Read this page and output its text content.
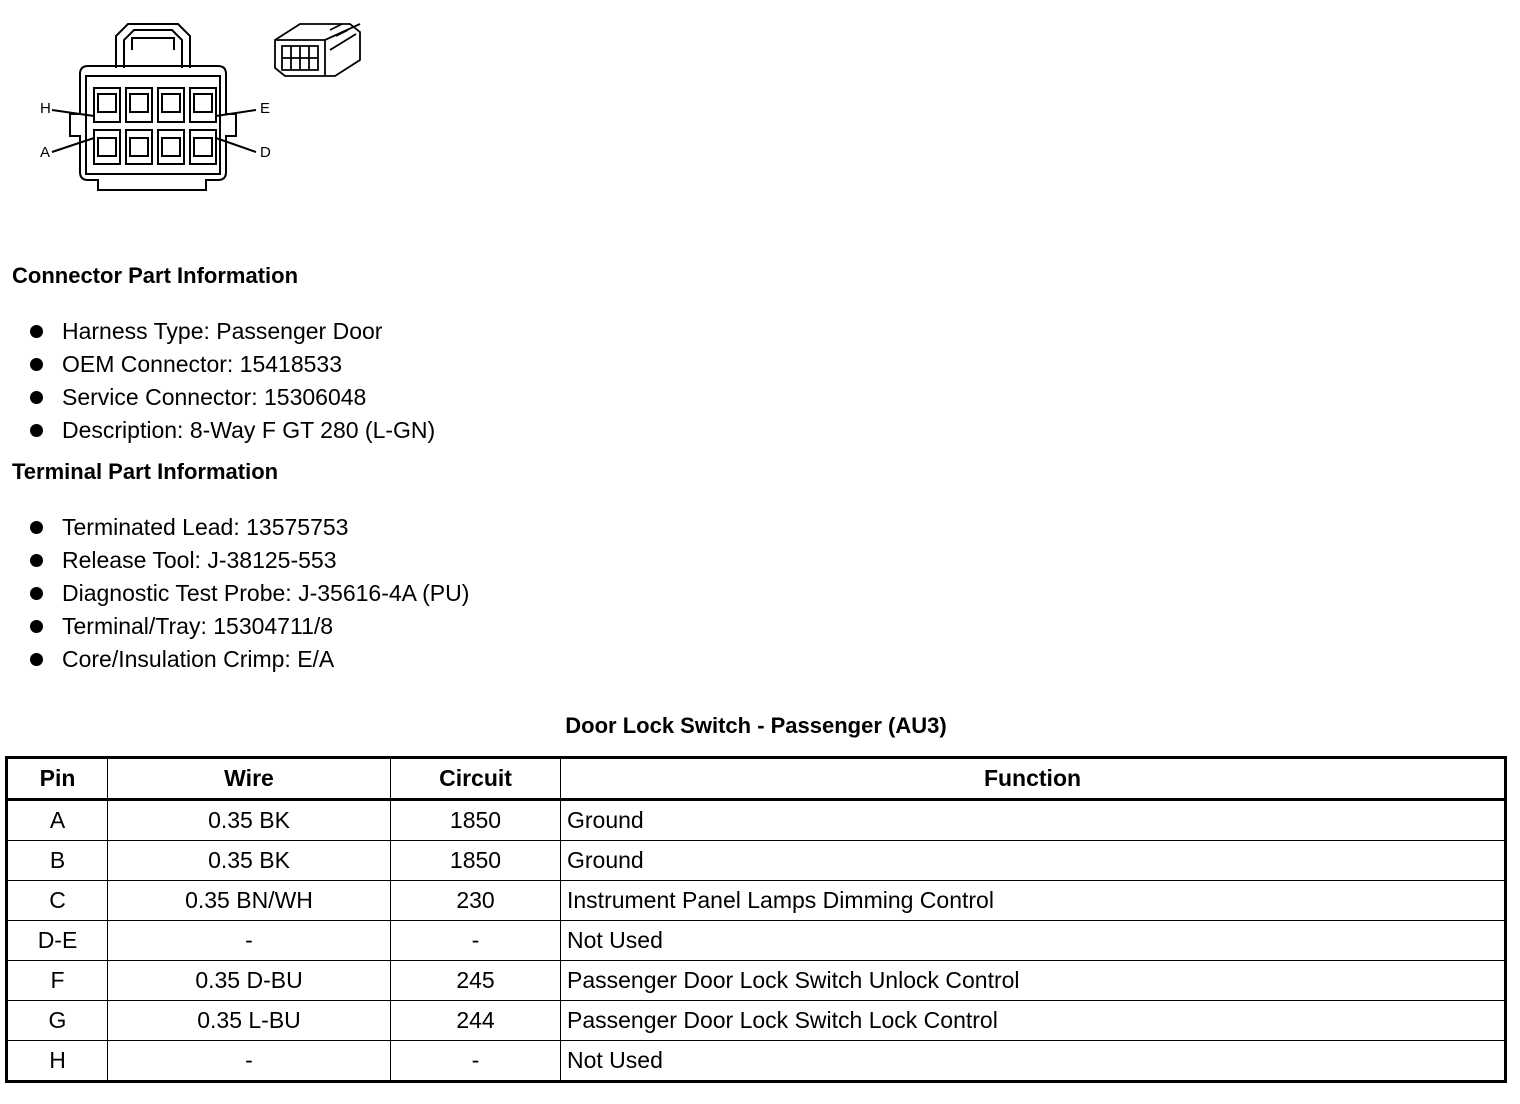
H	E
A	D
Connector Part Information
Harness Type: Passenger Door
OEM Connector: 15418533
Service Connector: 15306048
Description: 8-Way F GT 280 (L-GN)
Terminal Part Information
Terminated Lead: 13575753
Release Tool: J-38125-553
Diagnostic Test Probe: J-35616-4A (PU)
Terminal/Tray: 15304711/8
Core/Insulation Crimp: E/A
Door Lock Switch - Passenger (AU3)
Pin	Wire	Circuit	Function
A	0.35 BK	1850	Ground
B	0.35 BK	1850	Ground
C	0.35 BN/WH	230	Instrument Panel Lamps Dimming Control
D-E	-	-	Not Used
F	0.35 D-BU	245	Passenger Door Lock Switch Unlock Control
G	0.35 L-BU	244	Passenger Door Lock Switch Lock Control
H	-	-	Not Used
